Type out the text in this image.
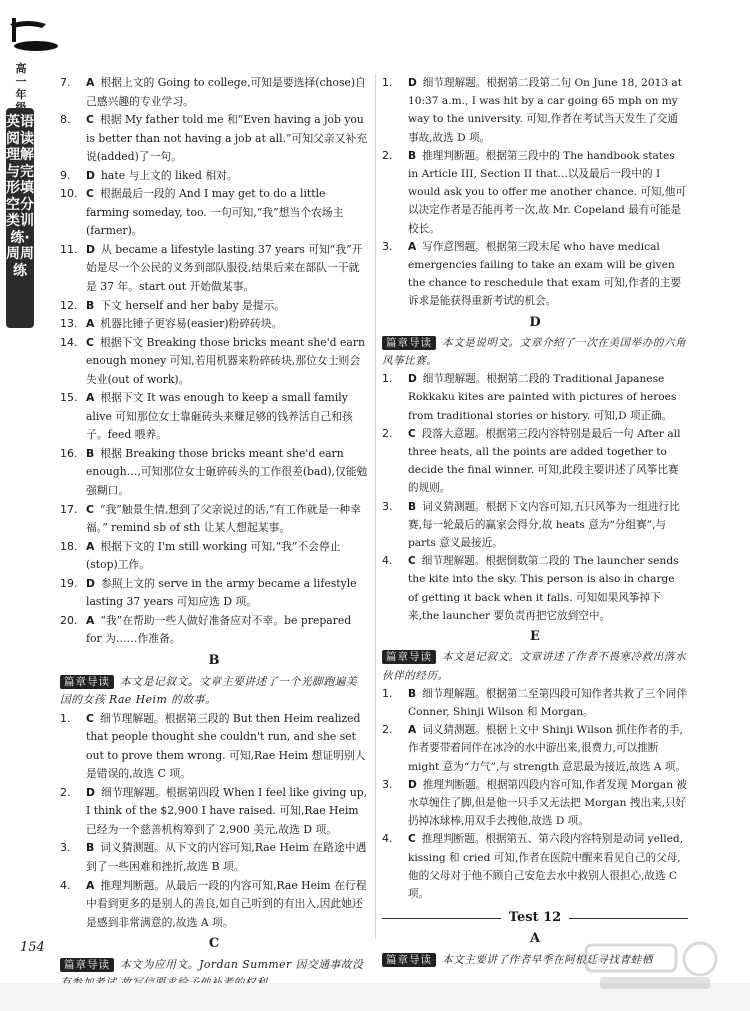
高一年
英语阅读理解与完形填空分类训练·周周练

7. A 根据上文的 Going to college,可知是要选择(chose)自己感兴趣的专业学习。

8. C 根据 My father told me 和“Even having a job you is better than not having a job at all.”可知父亲又补充说(added)了一句。

9. D hate 与上文的 liked 相对。

10. C 根据最后一段的 And I may get to do a little farming someday, too. 一句可知,“我”想当个农场主(farmer)。

11. D 从 became a lifestyle lasting 37 years 可知“我”开始是尽一个公民的义务到部队服役,结果后来在部队一干就是 37 年。start out 开始做某事。

12. B 下文 herself and her baby 是提示。

13. A 机器比锤子更容易(easier)粉碎砖块。

14. C 根据下文 Breaking those bricks meant she'd earn enough money 可知,若用机器来粉碎砖块,那位女士则会失业(out of work)。

15. A 根据下文 It was enough to keep a small family alive 可知那位女士靠砸砖头来赚足够的钱养活自己和孩子。feed 喂养。

16. B 根据 Breaking those bricks meant she'd earn enough…,可知那位女士砸碎砖头的工作很差(bad),仅能勉强糊口。

17. C “我”触景生情,想到了父亲说过的话,“有工作就是一种幸福。” remind sb of sth 让某人想起某事。

18. A 根据下文的 I'm still working 可知,“我”不会停止(stop)工作。

19. D 参照上文的 serve in the army became a lifestyle lasting 37 years 可知应选 D 项。

20. A “我”在帮助一些人做好准备应对不幸。be prepared for 为……作准备。

B

篇章导读 本文是记叙文。文章主要讲述了一个光脚跑遍美国的女孩 Rae Heim 的故事。

1. C 细节理解题。根据第三段的 But then Heim realized that people thought she couldn't run, and she set out to prove them wrong. 可知,Rae Heim 想证明别人是错误的,故选 C 项。

2. D 细节理解题。根据第四段 When I feel like giving up, I think of the $2,900 I have raised. 可知,Rae Heim 已经为一个慈善机构筹到了 2,900 美元,故选 D 项。

3. B 词义猜测题。从下文的内容可知,Rae Heim 在路途中遇到了一些困难和挫折,故选 B 项。

4. A 推理判断题。从最后一段的内容可知,Rae Heim 在行程中看到更多的是别人的善良,如自己听到的有出入,因此她还是感到非常满意的,故选 A 项。

C

篇章导读 本文为应用文。Jordan Summer 因交通事故没

1. D 细节理解题。根据第二段第二句 On June 18, 2013 at 10:37 a.m., I was hit by a car going 65 mph on my way to the university. 可知,作者在考试当天发生了交通事故,故选 D 项。

2. B 推理判断题。根据第三段中的 The handbook states in Article III, Section II that…以及最后一段中的 I would ask you to offer me another chance. 可知,他可以决定作者是否能再考一次,故 Mr. Copeland 最有可能是校长。

3. A 写作意图题。根据第三段末尾 who have medical emergencies failing to take an exam will be given the chance to reschedule that exam 可知,作者的主要诉求是能获得重新考试的机会。

D

篇章导读 本文是说明文。文章介绍了一次在美国举办的六角风筝比赛。

1. D 细节理解题。根据第二段的 Traditional Japanese Rokkaku kites are painted with pictures of heroes from traditional stories or history. 可知,D 项正确。

2. C 段落大意题。根据第三段内容特别是最后一句 After all three heats, all the points are added together to decide the final winner. 可知,此段主要讲述了风筝比赛的规则。

3. B 词义猜测题。根据下文内容可知,五只风筝为一组进行比赛,每一轮最后的赢家会得分,故 heats 意为“分组赛”,与 parts 意义最接近。

4. C 细节理解题。根据倒数第二段的 The launcher sends the kite into the sky. This person is also in charge of getting it back when it falls. 可知如果风筝掉下来,the launcher 要负责再把它放到空中。

E

篇章导读 本文是记叙文。文章讲述了作者不畏寒冷救出落水伙伴的经历。

1. B 细节理解题。根据第二至第四段可知作者共救了三个同伴 Conner, Shinji Wilson 和 Morgan。

2. A 词义猜测题。根据上文中 Shinji Wilson 抓住作者的手,作者要带着同伴在冰冷的水中游出来,很费力,可以推断 might 意为“力气”,与 strength 意思最为接近,故选 A 项。

3. D 推理判断题。根据第四段内容可知,作者发现 Morgan 被水草缠住了脚,但是他一只手又无法把 Morgan 拽出来,只好扔掉冰球棒,用双手去拽他,故选 D 项。

4. C 推理判断题。根据第五、第六段内容特别是动词 yelled, kissing 和 cried 可知,作者在医院中醒来看见自己的父母,他的父母对于他不顾自己安危去水中救别人很担心,故选 C 项。

Test 12
A

篇章导读 本文主要讲了作者早季在阿根廷寻找青蛙栖

154
